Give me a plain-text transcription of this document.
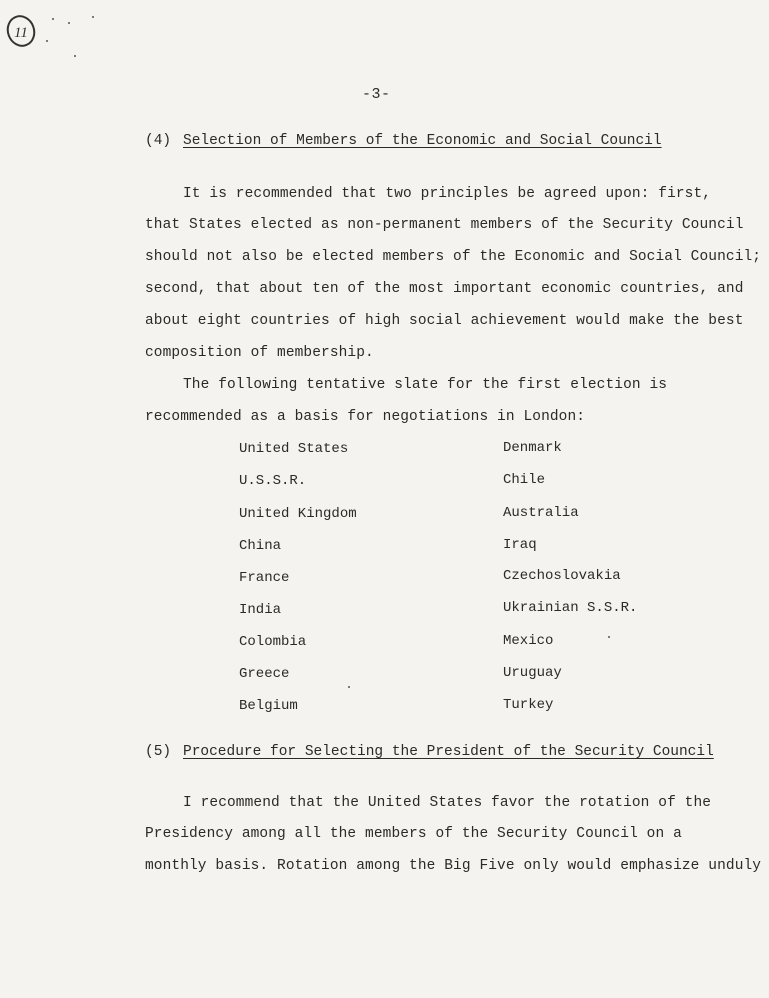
11
-3-
(4) Selection of Members of the Economic and Social Council
It is recommended that two principles be agreed upon: first,
that States elected as non-permanent members of the Security Council
should not also be elected members of the Economic and Social Council;
second, that about ten of the most important economic countries, and
about eight countries of high social achievement would make the best
composition of membership.
The following tentative slate for the first election is
recommended as a basis for negotiations in London:
United States
U.S.S.R.
United Kingdom
China
France
India
Colombia
Greece
Belgium
Denmark
Chile
Australia
Iraq
Czechoslovakia
Ukrainian S.S.R.
Mexico
Uruguay
Turkey
(5) Procedure for Selecting the President of the Security Council
I recommend that the United States favor the rotation of the
Presidency among all the members of the Security Council on a
monthly basis. Rotation among the Big Five only would emphasize unduly
